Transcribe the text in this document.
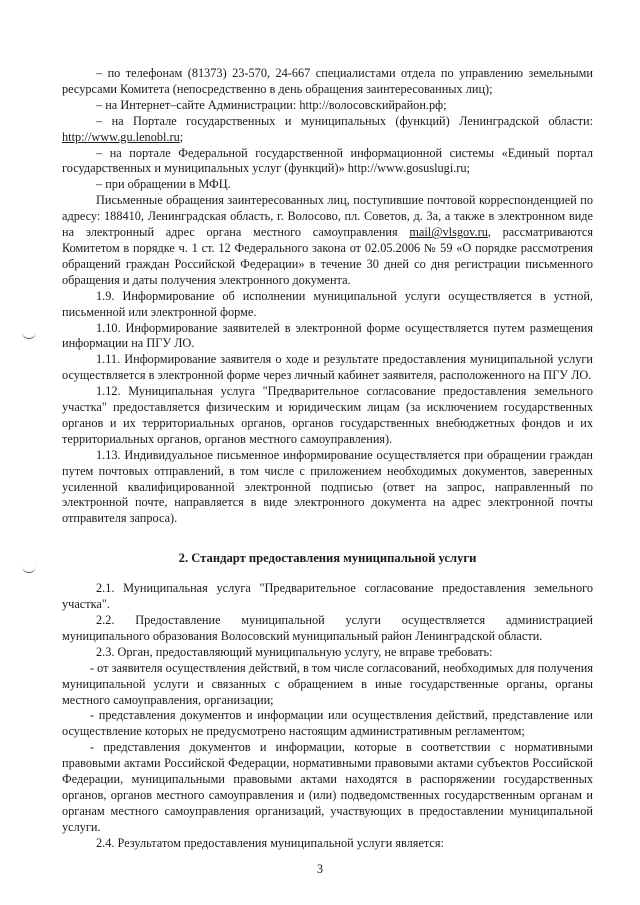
– по телефонам (81373) 23-570, 24-667 специалистами отдела по управлению земельными ресурсами Комитета (непосредственно в день обращения заинтересованных лиц);

– на Интернет–сайте Администрации: http://волосовскийрайон.рф;

– на Портале государственных и муниципальных (функций) Ленинградской области: http://www.gu.lenobl.ru;

– на портале Федеральной государственной информационной системы «Единый портал государственных и муниципальных услуг (функций)» http://www.gosuslugi.ru;

– при обращении в МФЦ.

Письменные обращения заинтересованных лиц, поступившие почтовой корреспонденцией по адресу: 188410, Ленинградская область, г. Волосово, пл. Советов, д. 3а, а также в электронном виде на электронный адрес органа местного самоуправления mail@vlsgov.ru, рассматриваются Комитетом в порядке ч. 1 ст. 12 Федерального закона от 02.05.2006 № 59 «О порядке рассмотрения обращений граждан Российской Федерации» в течение 30 дней со дня регистрации письменного обращения и даты получения электронного документа.

1.9. Информирование об исполнении муниципальной услуги осуществляется в устной, письменной или электронной форме.

1.10. Информирование заявителей в электронной форме осуществляется путем размещения информации на ПГУ ЛО.

1.11. Информирование заявителя о ходе и результате предоставления муниципальной услуги осуществляется в электронной форме через личный кабинет заявителя, расположенного на ПГУ ЛО.

1.12. Муниципальная услуга "Предварительное согласование предоставления земельного участка" предоставляется физическим и юридическим лицам (за исключением государственных органов и их территориальных органов, органов государственных внебюджетных фондов и их территориальных органов, органов местного самоуправления).

1.13. Индивидуальное письменное информирование осуществляется при обращении граждан путем почтовых отправлений, в том числе с приложением необходимых документов, заверенных усиленной квалифицированной электронной подписью (ответ на запрос, направленный по электронной почте, направляется в виде электронного документа на адрес электронной почты отправителя запроса).

2. Стандарт предоставления муниципальной услуги

2.1. Муниципальная услуга "Предварительное согласование предоставления земельного участка".

2.2. Предоставление муниципальной услуги осуществляется администрацией муниципального образования Волосовский муниципальный район Ленинградской области.

2.3. Орган, предоставляющий муниципальную услугу, не вправе требовать:

- от заявителя осуществления действий, в том числе согласований, необходимых для получения муниципальной услуги и связанных с обращением в иные государственные органы, органы местного самоуправления, организации;

- представления документов и информации или осуществления действий, представление или осуществление которых не предусмотрено настоящим административным регламентом;

- представления документов и информации, которые в соответствии с нормативными правовыми актами Российской Федерации, нормативными правовыми актами субъектов Российской Федерации, муниципальными правовыми актами находятся в распоряжении государственных органов, органов местного самоуправления и (или) подведомственных государственным органам и органам местного самоуправления организаций, участвующих в предоставлении муниципальной услуги.

2.4. Результатом предоставления муниципальной услуги является:

3
